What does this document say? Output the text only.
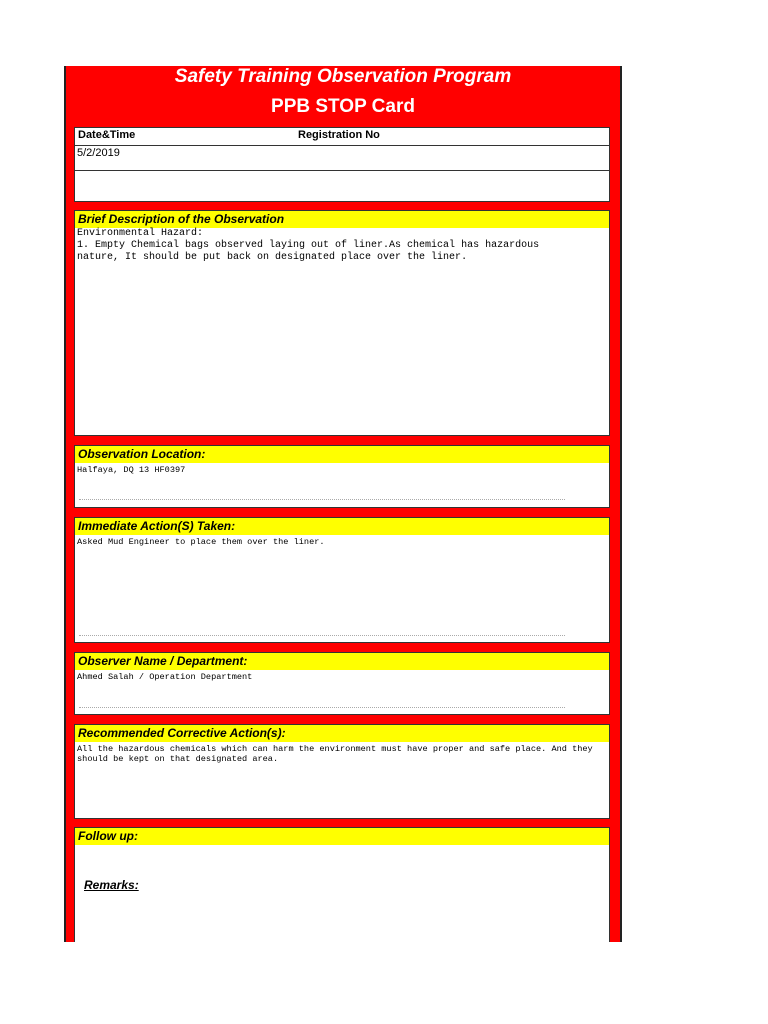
Safety Training Observation Program
PPB STOP Card
Date&Time	Registration No
5/2/2019
Brief Description of the Observation
Environmental Hazard:
1. Empty Chemical bags observed laying out of liner.As chemical has hazardous
nature, It should be put back on designated place over the liner.
Observation Location:
Halfaya, DQ 13 HF0397
Immediate Action(S) Taken:
Asked Mud Engineer to place them over the liner.
Observer Name / Department:
Ahmed Salah / Operation Department
Recommended Corrective Action(s):
All the hazardous chemicals which can harm the environment must have proper and safe place. And they should be kept on that designated area.
Follow up:
Remarks:
